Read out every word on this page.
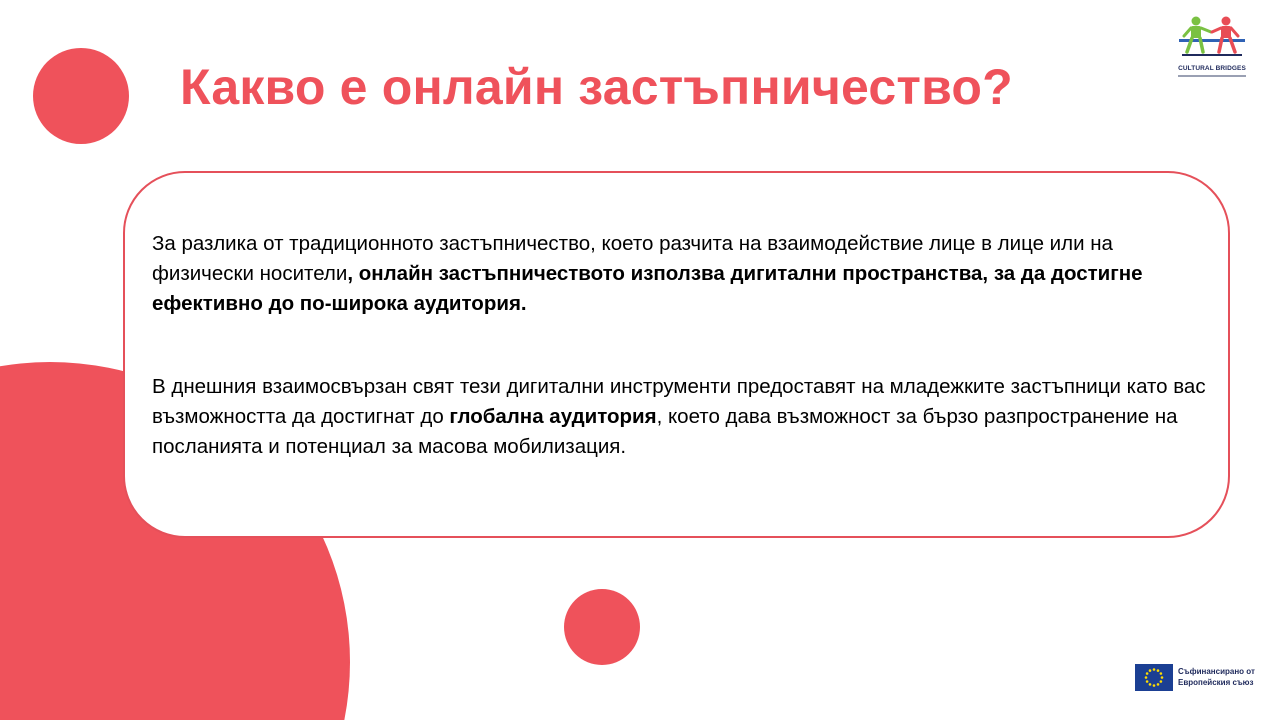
Какво е онлайн застъпничество?

За разлика от традиционното застъпничество, което разчита на взаимодействие лице в лице или на физически носители, онлайн застъпничеството използва дигитални пространства, за да достигне ефективно до по-широка аудитория.

В днешния взаимосвързан свят тези дигитални инструменти предоставят на младежките застъпници като вас възможността да достигнат до глобална аудитория, което дава възможност за бързо разпространение на посланията и потенциал за масова мобилизация.

CULTURAL BRIDGES
Съфинансирано от
Европейския съюз
